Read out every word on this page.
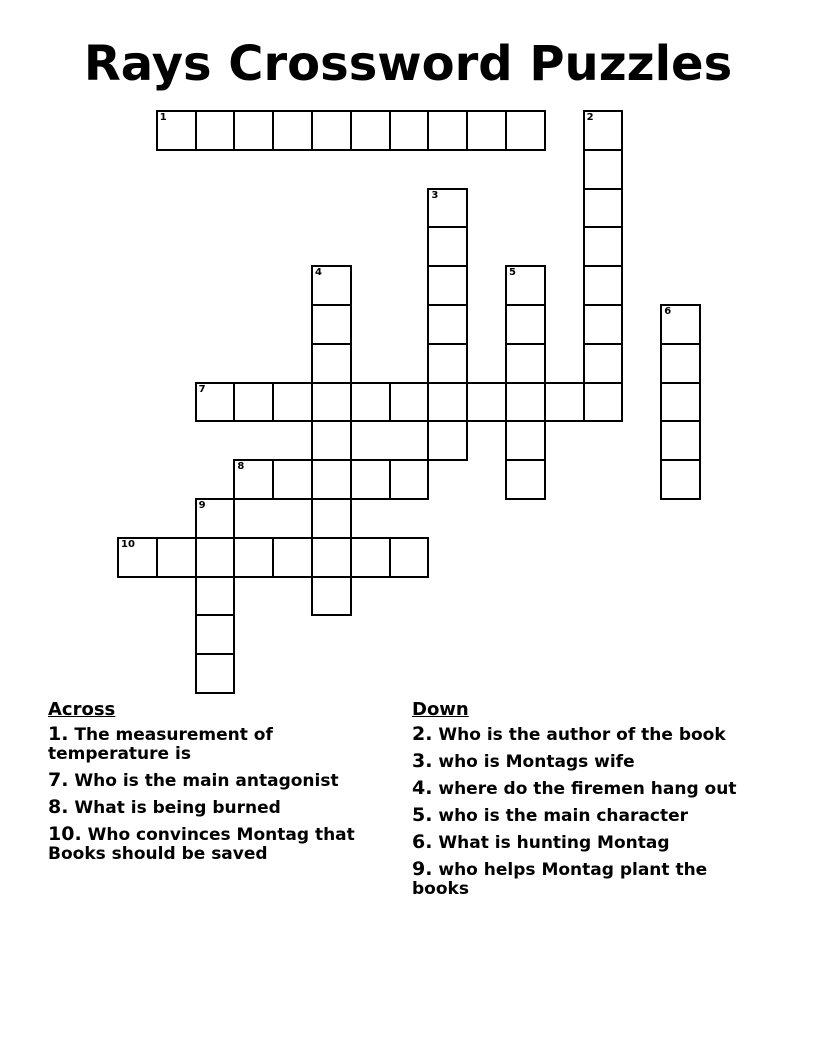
Rays Crossword Puzzles
1	2
3
4	5
6
7
8
9
10
Across
1. The measurement of temperature is
7. Who is the main antagonist
8. What is being burned
10. Who convinces Montag that Books should be saved
Down
2. Who is the author of the book
3. who is Montags wife
4. where do the firemen hang out
5. who is the main character
6. What is hunting Montag
9. who helps Montag plant the books
